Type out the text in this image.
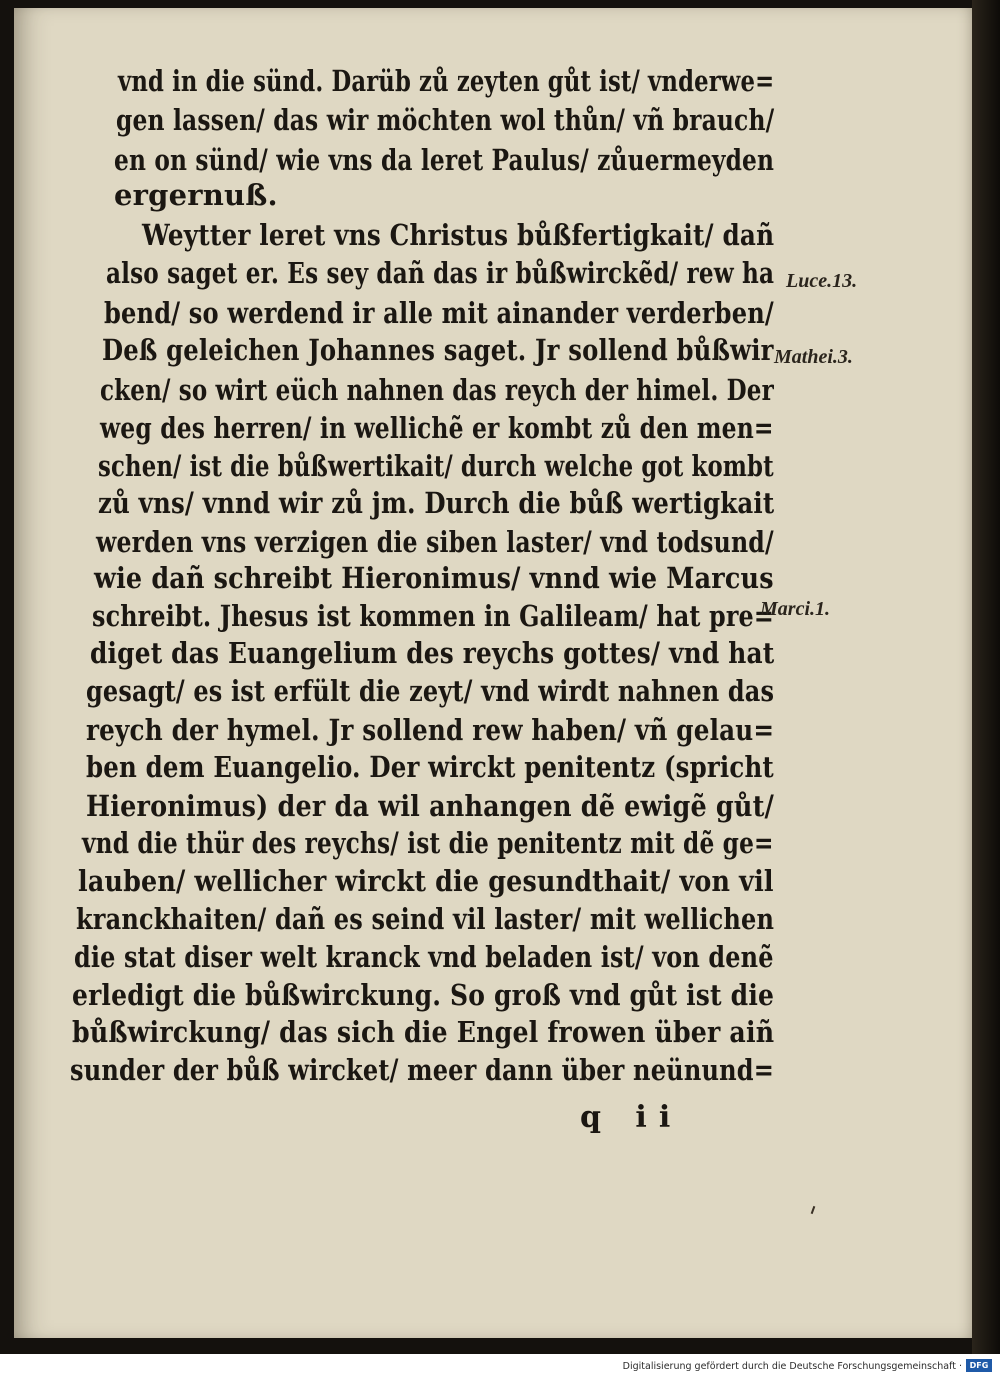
vnd in die sünd. Darüb zů zeyten gůt ist/ vnderwe=
gen lassen/ das wir möchten wol thůn/ vñ brauch/
en on sünd/ wie vns da leret Paulus/ zůuermeyden
ergernuß.
Weytter leret vns Christus bůßfertigkait/ dañ
also saget er. Es sey dañ das ir bůßwirckẽd/ rew ha
bend/ so werdend ir alle mit ainander verderben/
Deß geleichen Johannes saget. Jr sollend bůßwir
cken/ so wirt eüch nahnen das reych der himel. Der
weg des herren/ in wellichẽ er kombt zů den men=
schen/ ist die bůßwertikait/ durch welche got kombt
zů vns/ vnnd wir zů jm. Durch die bůß wertigkait
werden vns verzigen die siben laster/ vnd todsund/
wie dañ schreibt Hieronimus/ vnnd wie Marcus
schreibt. Jhesus ist kommen in Galileam/ hat pre=
diget das Euangelium des reychs gottes/ vnd hat
gesagt/ es ist erfült die zeyt/ vnd wirdt nahnen das
reych der hymel. Jr sollend rew haben/ vñ gelau=
ben dem Euangelio. Der wirckt penitentz (spricht
Hieronimus) der da wil anhangen dẽ ewigẽ gůt/
vnd die thür des reychs/ ist die penitentz mit dẽ ge=
lauben/ wellicher wirckt die gesundthait/ von vil
kranckhaiten/ dañ es seind vil laster/ mit wellichen
die stat diser welt kranck vnd beladen ist/ von denẽ
erledigt die bůßwirckung. So groß vnd gůt ist die
bůßwirckung/ das sich die Engel frowen über aiñ
sunder der bůß wircket/ meer dann über neünund=
Luce.13.
Mathei.3.
Marci.1.
q ii
Digitalisierung gefördert durch die Deutsche Forschungsgemeinschaft · DFG
